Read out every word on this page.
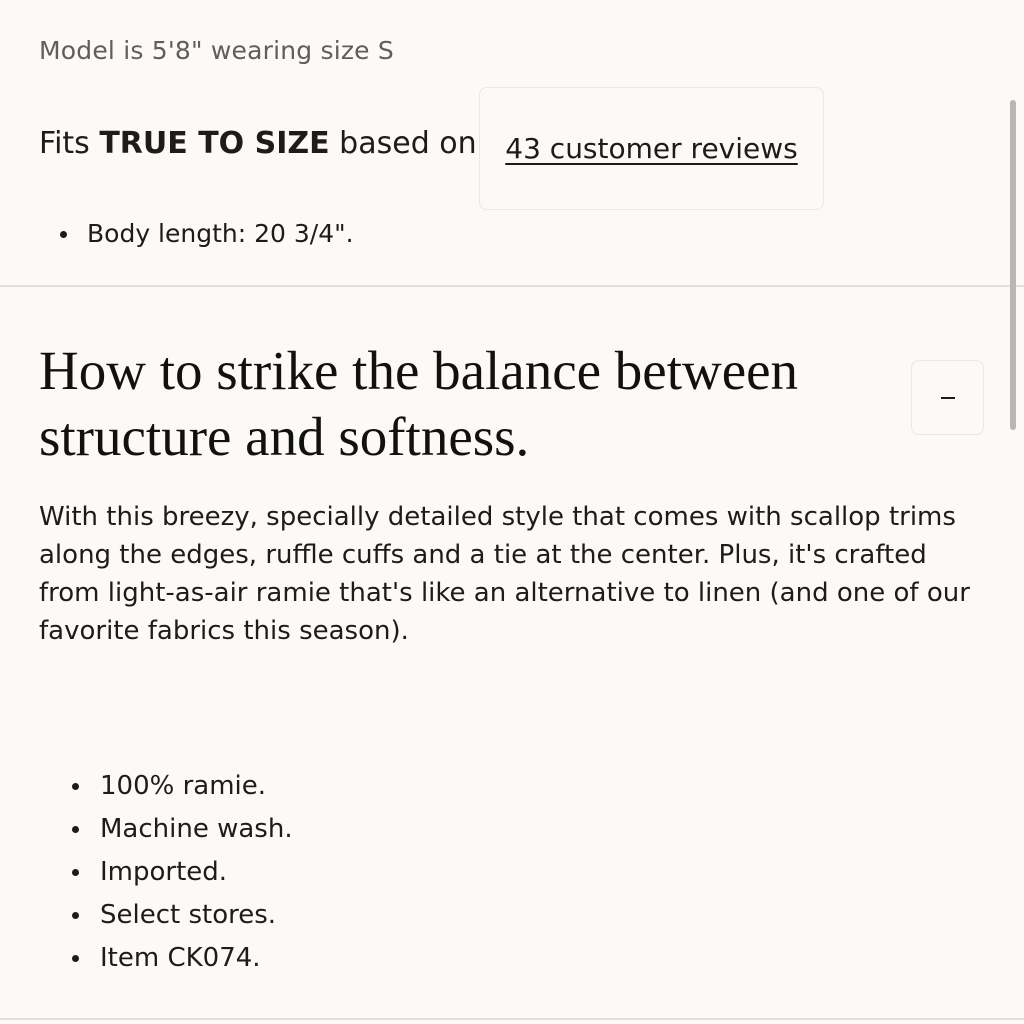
Model is 5'8" wearing size S
Fits TRUE TO SIZE based on 43 customer reviews
Body length: 20 3/4".
How to strike the balance between structure and softness.

With this breezy, specially detailed style that comes with scallop trims along the edges, ruffle cuffs and a tie at the center. Plus, it's crafted from light-as-air ramie that's like an alternative to linen (and one of our favorite fabrics this season).

100% ramie.
Machine wash.
Imported.
Select stores.
Item CK074.
